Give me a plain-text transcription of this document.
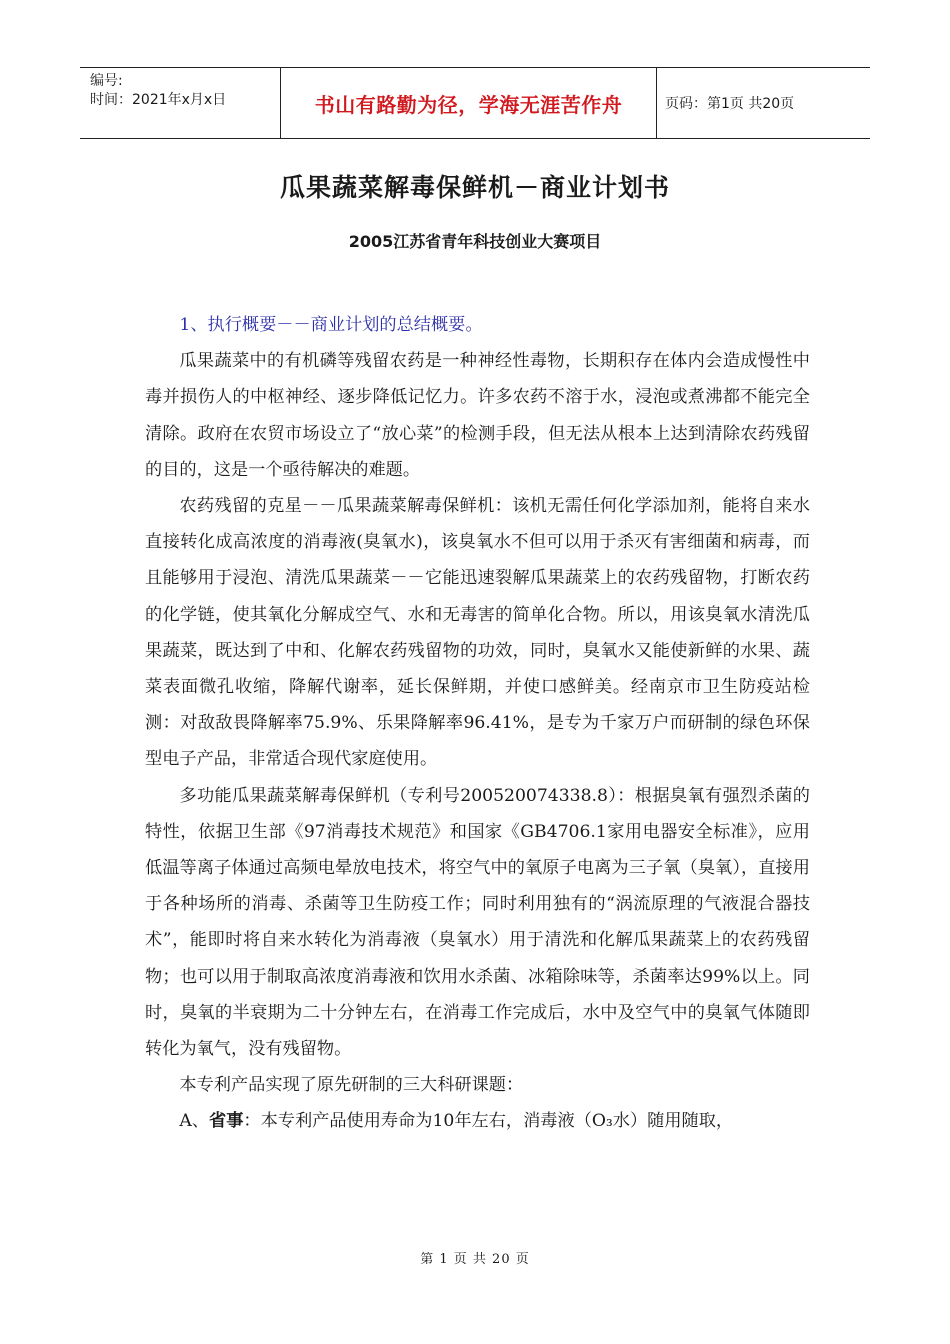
编号:
时间：2021年x月x日	书山有路勤为径，学海无涯苦作舟	页码：第1页 共20页
瓜果蔬菜解毒保鲜机－商业计划书
2005江苏省青年科技创业大赛项目

1、执行概要－－商业计划的总结概要。

瓜果蔬菜中的有机磷等残留农药是一种神经性毒物，长期积存在体内会造成慢性中毒并损伤人的中枢神经、逐步降低记忆力。许多农药不溶于水，浸泡或煮沸都不能完全清除。政府在农贸市场设立了“放心菜”的检测手段，但无法从根本上达到清除农药残留的目的，这是一个亟待解决的难题。

农药残留的克星－－瓜果蔬菜解毒保鲜机：该机无需任何化学添加剂，能将自来水直接转化成高浓度的消毒液(臭氧水)，该臭氧水不但可以用于杀灭有害细菌和病毒，而且能够用于浸泡、清洗瓜果蔬菜－－它能迅速裂解瓜果蔬菜上的农药残留物，打断农药的化学链，使其氧化分解成空气、水和无毒害的简单化合物。所以，用该臭氧水清洗瓜果蔬菜，既达到了中和、化解农药残留物的功效，同时，臭氧水又能使新鲜的水果、蔬菜表面微孔收缩，降解代谢率，延长保鲜期，并使口感鲜美。经南京市卫生防疫站检测：对敌敌畏降解率75.9%、乐果降解率96.41%，是专为千家万户而研制的绿色环保型电子产品，非常适合现代家庭使用。

多功能瓜果蔬菜解毒保鲜机（专利号200520074338.8）：根据臭氧有强烈杀菌的特性，依据卫生部《97消毒技术规范》和国家《GB4706.1家用电器安全标准》，应用低温等离子体通过高频电晕放电技术，将空气中的氧原子电离为三子氧（臭氧），直接用于各种场所的消毒、杀菌等卫生防疫工作；同时利用独有的“涡流原理的气液混合器技术”，能即时将自来水转化为消毒液（臭氧水）用于清洗和化解瓜果蔬菜上的农药残留物；也可以用于制取高浓度消毒液和饮用水杀菌、冰箱除味等，杀菌率达99%以上。同时，臭氧的半衰期为二十分钟左右，在消毒工作完成后，水中及空气中的臭氧气体随即转化为氧气，没有残留物。

本专利产品实现了原先研制的三大科研课题：

A、省事：本专利产品使用寿命为10年左右，消毒液（O₃水）随用随取，

第 1 页 共 20 页
